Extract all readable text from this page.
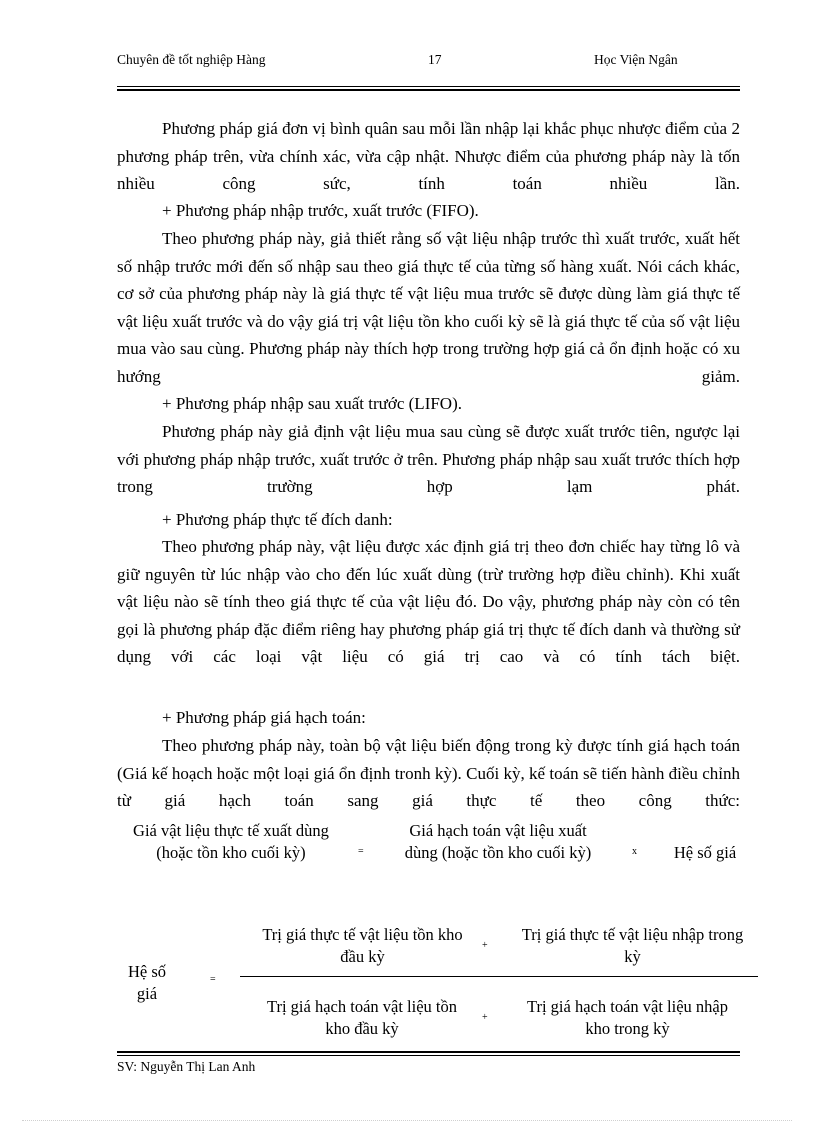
Chuyên đề tốt nghiệp Hàng	17	Học Viện Ngân
Phương pháp giá đơn vị bình quân sau mỗi lần nhập lại khắc phục nhược điểm của 2 phương pháp trên, vừa chính xác, vừa cập nhật. Nhược điểm của phương pháp này là tốn nhiều công sức, tính toán nhiều lần.
+ Phương pháp nhập trước, xuất trước (FIFO).
Theo phương pháp này, giả thiết rằng số vật liệu nhập trước thì xuất trước, xuất hết số nhập trước mới đến số nhập sau theo giá thực tế của từng số hàng xuất. Nói cách khác, cơ sở của phương pháp này là giá thực tế vật liệu mua trước sẽ được dùng làm giá thực tế vật liệu xuất trước và do vậy giá trị vật liệu tồn kho cuối kỳ sẽ là giá thực tế của số vật liệu mua vào sau cùng. Phương pháp này thích hợp trong trường hợp giá cả ổn định hoặc có xu hướng giảm.
+ Phương pháp nhập sau xuất trước (LIFO).
Phương pháp này giả định vật liệu mua sau cùng sẽ được xuất trước tiên, ngược lại với phương pháp nhập trước, xuất trước ở trên. Phương pháp nhập sau xuất trước thích hợp trong trường hợp lạm phát.
+ Phương pháp thực tế đích danh:
Theo phương pháp này, vật liệu được xác định giá trị theo đơn chiếc hay từng lô và giữ nguyên từ lúc nhập vào cho đến lúc xuất dùng (trừ trường hợp điều chỉnh). Khi xuất vật liệu nào sẽ tính theo giá thực tế của vật liệu đó. Do vậy, phương pháp này còn có tên gọi là phương pháp đặc điểm riêng hay phương pháp giá trị thực tế đích danh và thường sử dụng với các loại vật liệu có giá trị cao và có tính tách biệt.
+ Phương pháp giá hạch toán:
Theo phương pháp này, toàn bộ vật liệu biến động trong kỳ được tính giá hạch toán (Giá kế hoạch hoặc một loại giá ổn định tronh kỳ). Cuối kỳ, kế toán sẽ tiến hành điều chỉnh từ giá hạch toán sang giá thực tế theo công thức:
Giá vật liệu thực tế xuất dùng (hoặc tồn kho cuối kỳ)	=
Giá hạch toán vật liệu xuất dùng (hoặc tồn kho cuối kỳ)	x	Hệ số giá
Hệ số giá
=
Trị giá thực tế vật liệu tồn kho đầu kỳ
+
Trị giá thực tế vật liệu nhập trong kỳ
Trị giá hạch toán vật liệu tồn kho đầu kỳ
+
Trị giá hạch toán vật liệu nhập kho trong kỳ
SV: Nguyễn Thị Lan Anh
